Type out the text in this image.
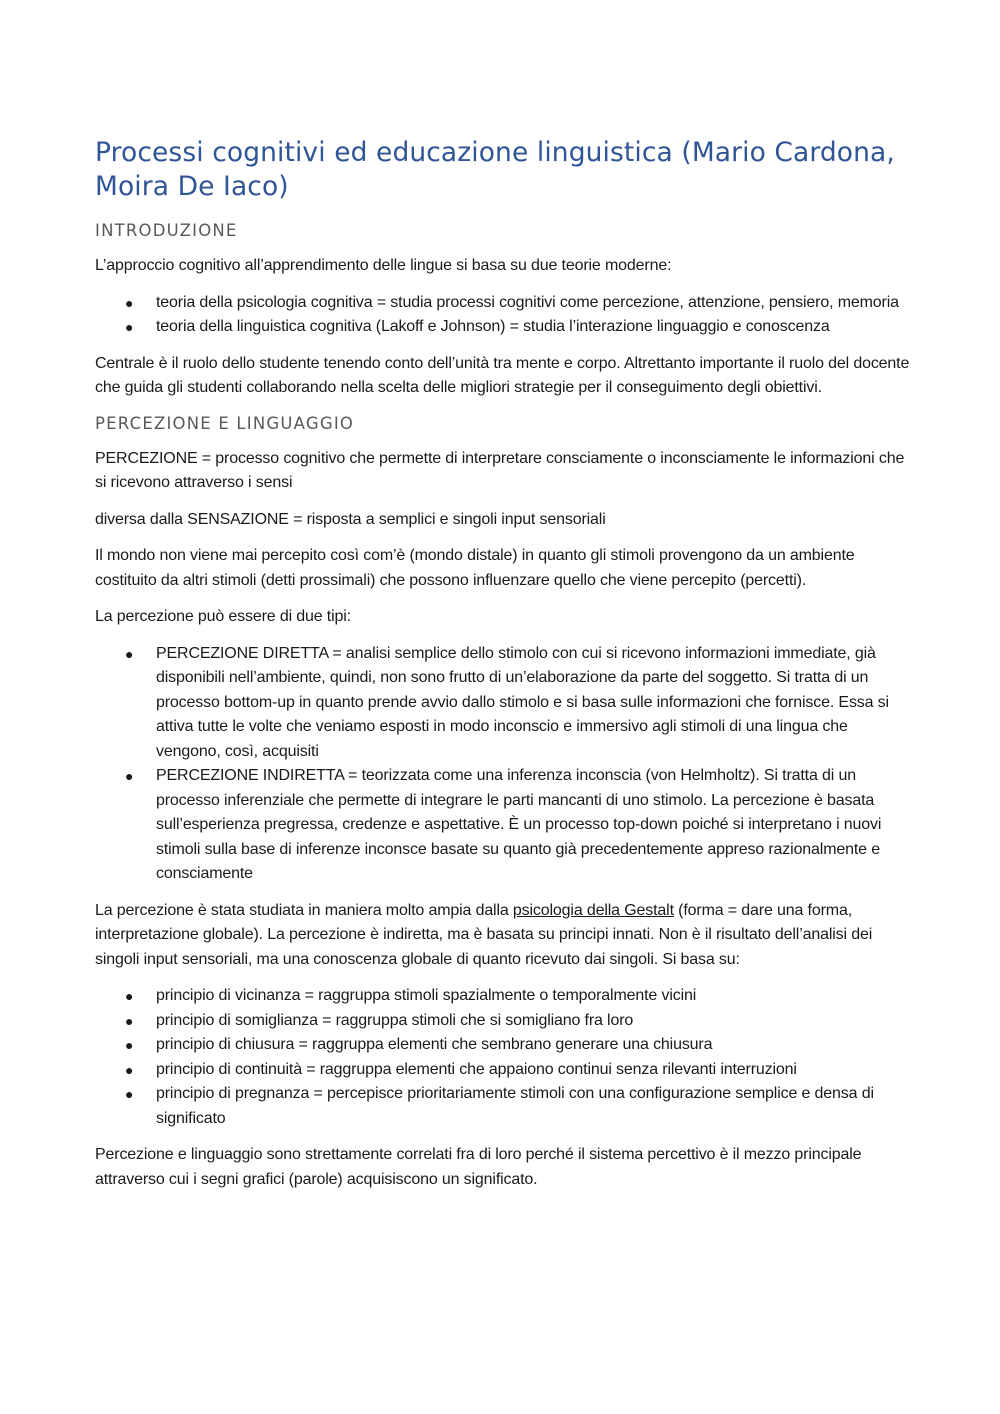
Processi cognitivi ed educazione linguistica (Mario Cardona, Moira De Iaco)
INTRODUZIONE

L’approccio cognitivo all’apprendimento delle lingue si basa su due teorie moderne:

● teoria della psicologia cognitiva = studia processi cognitivi come percezione, attenzione, pensiero, memoria
● teoria della linguistica cognitiva (Lakoff e Johnson) = studia l’interazione linguaggio e conoscenza

Centrale è il ruolo dello studente tenendo conto dell’unità tra mente e corpo. Altrettanto importante il ruolo del docente che guida gli studenti collaborando nella scelta delle migliori strategie per il conseguimento degli obiettivi.

PERCEZIONE E LINGUAGGIO

PERCEZIONE = processo cognitivo che permette di interpretare consciamente o inconsciamente le informazioni che si ricevono attraverso i sensi

diversa dalla SENSAZIONE = risposta a semplici e singoli input sensoriali

Il mondo non viene mai percepito così com’è (mondo distale) in quanto gli stimoli provengono da un ambiente costituito da altri stimoli (detti prossimali) che possono influenzare quello che viene percepito (percetti).

La percezione può essere di due tipi:

● PERCEZIONE DIRETTA = analisi semplice dello stimolo con cui si ricevono informazioni immediate, già disponibili nell’ambiente, quindi, non sono frutto di un’elaborazione da parte del soggetto. Si tratta di un processo bottom-up in quanto prende avvio dallo stimolo e si basa sulle informazioni che fornisce. Essa si attiva tutte le volte che veniamo esposti in modo inconscio e immersivo agli stimoli di una lingua che vengono, così, acquisiti
● PERCEZIONE INDIRETTA = teorizzata come una inferenza inconscia (von Helmholtz). Si tratta di un processo inferenziale che permette di integrare le parti mancanti di uno stimolo. La percezione è basata sull’esperienza pregressa, credenze e aspettative. È un processo top-down poiché si interpretano i nuovi stimoli sulla base di inferenze inconsce basate su quanto già precedentemente appreso razionalmente e consciamente

La percezione è stata studiata in maniera molto ampia dalla psicologia della Gestalt (forma = dare una forma, interpretazione globale). La percezione è indiretta, ma è basata su principi innati. Non è il risultato dell’analisi dei singoli input sensoriali, ma una conoscenza globale di quanto ricevuto dai singoli. Si basa su:

● principio di vicinanza = raggruppa stimoli spazialmente o temporalmente vicini
● principio di somiglianza = raggruppa stimoli che si somigliano fra loro
● principio di chiusura = raggruppa elementi che sembrano generare una chiusura
● principio di continuità = raggruppa elementi che appaiono continui senza rilevanti interruzioni
● principio di pregnanza = percepisce prioritariamente stimoli con una configurazione semplice e densa di significato

Percezione e linguaggio sono strettamente correlati fra di loro perché il sistema percettivo è il mezzo principale attraverso cui i segni grafici (parole) acquisiscono un significato.
